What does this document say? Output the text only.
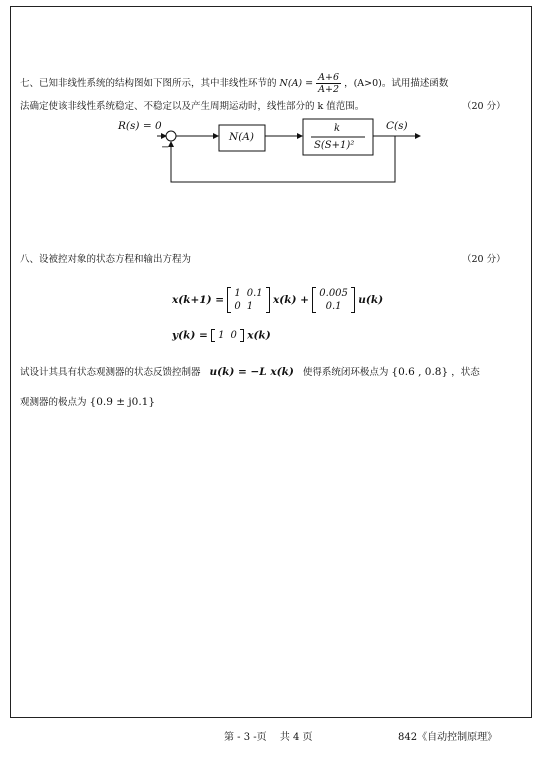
七、已知非线性系统的结构图如下图所示，其中非线性环节的 $N(A) = \frac{A+6}{A+2}$ ，(A>0)。试用描述函数
法确定使该非线性系统稳定、不稳定以及产生周期运动时，线性部分的 k 值范围。	（20 分）
R(s) = 0
−
N(A)
k
S(S+1)²
C(s)
八、设被控对象的状态方程和输出方程为	（20 分）
x(k+1) =
1	0.1
0	1
x(k) +
0.005
0.1
u(k)
y(k) = 1	0 x(k)
试设计其具有状态观测器的状态反馈控制器 u(k) = −L x(k) 使得系统闭环极点为 {0.6 , 0.8} ，状态
观测器的极点为 {0.9 ± j0.1}
第 - 3 -页　 共 4 页	842《自动控制原理》
